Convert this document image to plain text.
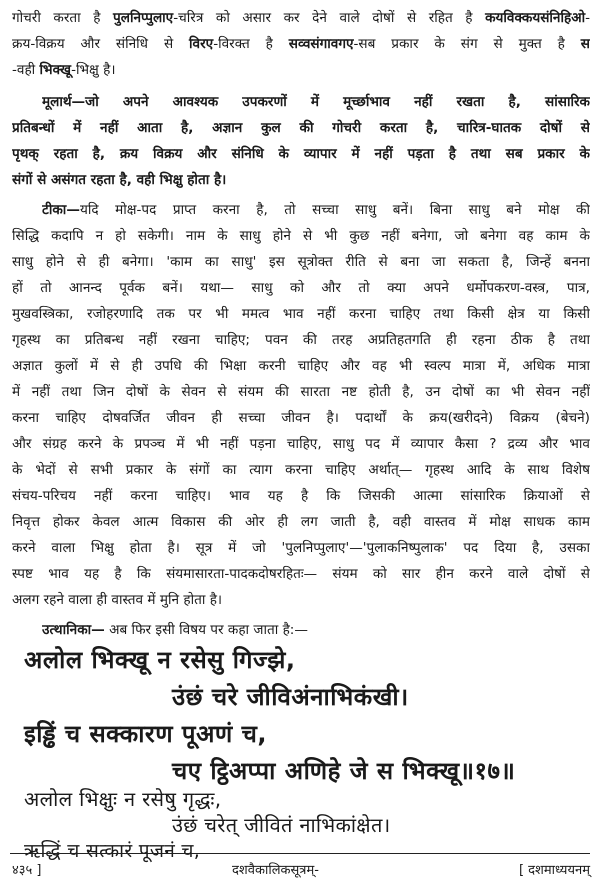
गोचरी करता है पुलनिप्पुलाए-चरित्र को असार कर देने वाले दोषों से रहित है कयविक्कयसंनिहिओ-
क्रय-विक्रय और संनिधि से विरए-विरक्त है सव्वसंगावगए-सब प्रकार के संग से मुक्त है स
-वही भिक्खू-भिक्षु है।
मूलार्थ—जो अपने आवश्यक उपकरणों में मूर्च्छाभाव नहीं रखता है, सांसारिक
प्रतिबन्धों में नहीं आता है, अज्ञान कुल की गोचरी करता है, चारित्र-घातक दोषों से
पृथक् रहता है, क्रय विक्रय और संनिधि के व्यापार में नहीं पड़ता है तथा सब प्रकार के
संगों से असंगत रहता है, वही भिक्षु होता है।
टीका—यदि मोक्ष-पद प्राप्त करना है, तो सच्चा साधु बनें। बिना साधु बने मोक्ष की
सिद्धि कदापि न हो सकेगी। नाम के साधु होने से भी कुछ नहीं बनेगा, जो बनेगा वह काम के
साधु होने से ही बनेगा। 'काम का साधु' इस सूत्रोक्त रीति से बना जा सकता है, जिन्हें बनना
हों तो आनन्द पूर्वक बनें। यथा— साधु को और तो क्या अपने धर्मोपकरण-वस्त्र, पात्र,
मुखवस्त्रिका, रजोहरणादि तक पर भी ममत्व भाव नहीं करना चाहिए तथा किसी क्षेत्र या किसी
गृहस्थ का प्रतिबन्ध नहीं रखना चाहिए; पवन की तरह अप्रतिहतगति ही रहना ठीक है तथा
अज्ञात कुलों में से ही उपधि की भिक्षा करनी चाहिए और वह भी स्वल्प मात्रा में, अधिक मात्रा
में नहीं तथा जिन दोषों के सेवन से संयम की सारता नष्ट होती है, उन दोषों का भी सेवन नहीं
करना चाहिए दोषवर्जित जीवन ही सच्चा जीवन है। पदार्थों के क्रय(खरीदने) विक्रय (बेचने)
और संग्रह करने के प्रपञ्च में भी नहीं पड़ना चाहिए, साधु पद में व्यापार कैसा ? द्रव्य और भाव
के भेदों से सभी प्रकार के संगों का त्याग करना चाहिए अर्थात्— गृहस्थ आदि के साथ विशेष
संचय-परिचय नहीं करना चाहिए। भाव यह है कि जिसकी आत्मा सांसारिक क्रियाओं से
निवृत्त होकर केवल आत्म विकास की ओर ही लग जाती है, वही वास्तव में मोक्ष साधक काम
करने वाला भिक्षु होता है। सूत्र में जो 'पुलनिप्पुलाए'—'पुलाकनिष्पुलाक' पद दिया है, उसका
स्पष्ट भाव यह है कि संयमासारता-पादकदोषरहितः— संयम को सार हीन करने वाले दोषों से
अलग रहने वाला ही वास्तव में मुनि होता है।
उत्थानिका— अब फिर इसी विषय पर कहा जाता है:—
अलोल भिक्खू न रसेसु गिज्झे,
उंछं चरे जीविअंनाभिकंखी।
इड्ढिं च सक्कारण पूअणं च,
चए ट्ठिअप्पा अणिहे जे स भिक्खू॥१७॥
अलोल भिक्षुः न रसेषु गृद्धः,
उंछं चरेत् जीवितं नाभिकांक्षेत।
ऋद्धिं च सत्कारं पूजनं च,
४३५ ]	दशवैकालिकसूत्रम्-	[ दशमाध्ययनम्
